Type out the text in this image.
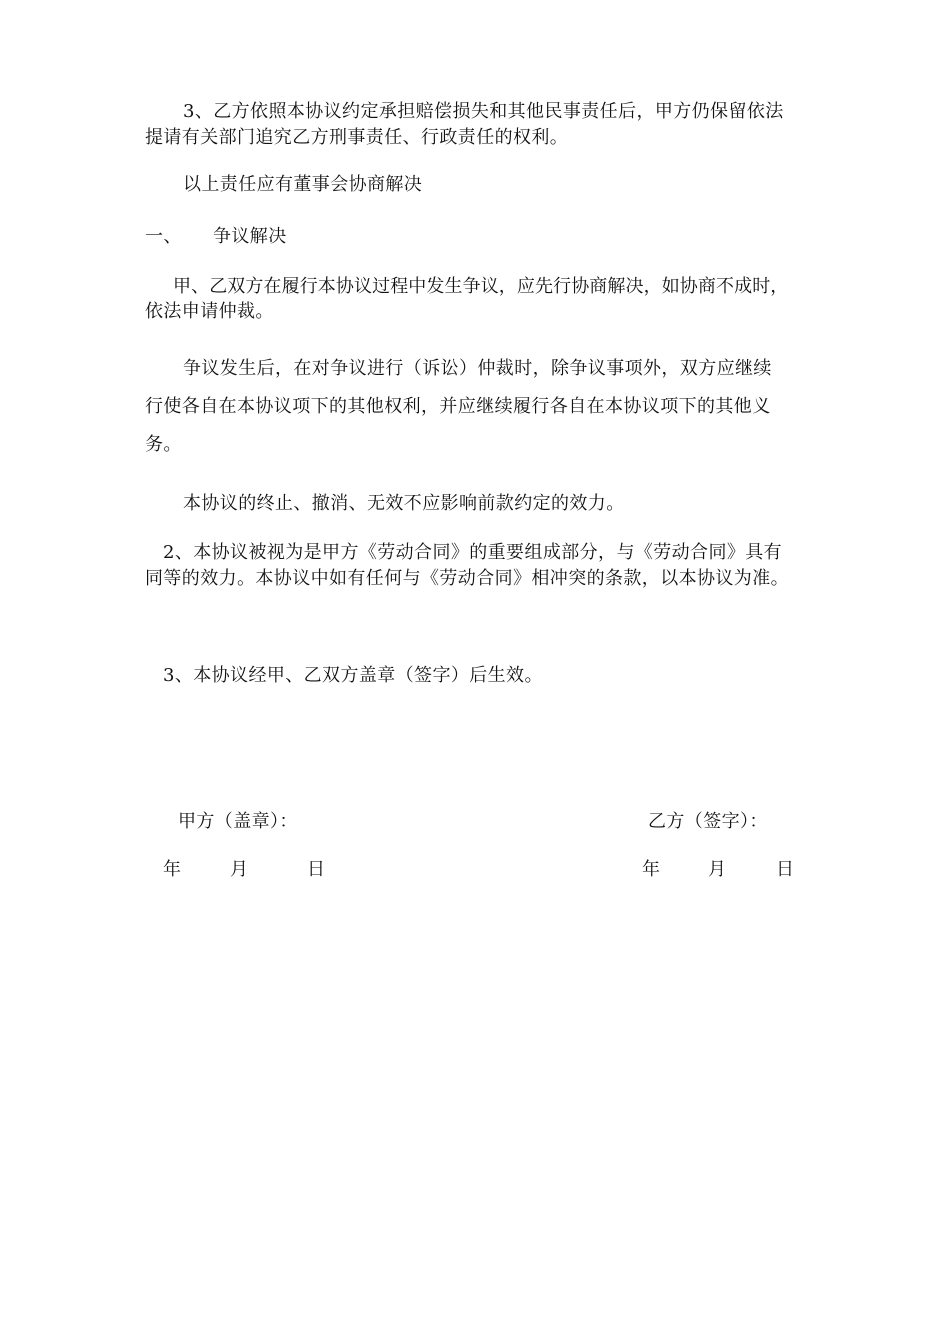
3、乙方依照本协议约定承担赔偿损失和其他民事责任后，甲方仍保留依法
提请有关部门追究乙方刑事责任、行政责任的权利。
以上责任应有董事会协商解决
一、 争议解决
甲、乙双方在履行本协议过程中发生争议，应先行协商解决，如协商不成时，
依法申请仲裁。
争议发生后，在对争议进行（诉讼）仲裁时，除争议事项外，双方应继续
行使各自在本协议项下的其他权利，并应继续履行各自在本协议项下的其他义
务。
本协议的终止、撤消、无效不应影响前款约定的效力。
2、本协议被视为是甲方《劳动合同》的重要组成部分，与《劳动合同》具有
同等的效力。本协议中如有任何与《劳动合同》相冲突的条款，以本协议为准。
3、本协议经甲、乙双方盖章（签字）后生效。
甲方（盖章）：	乙方（签字）：
年	月	日	年	月	日
